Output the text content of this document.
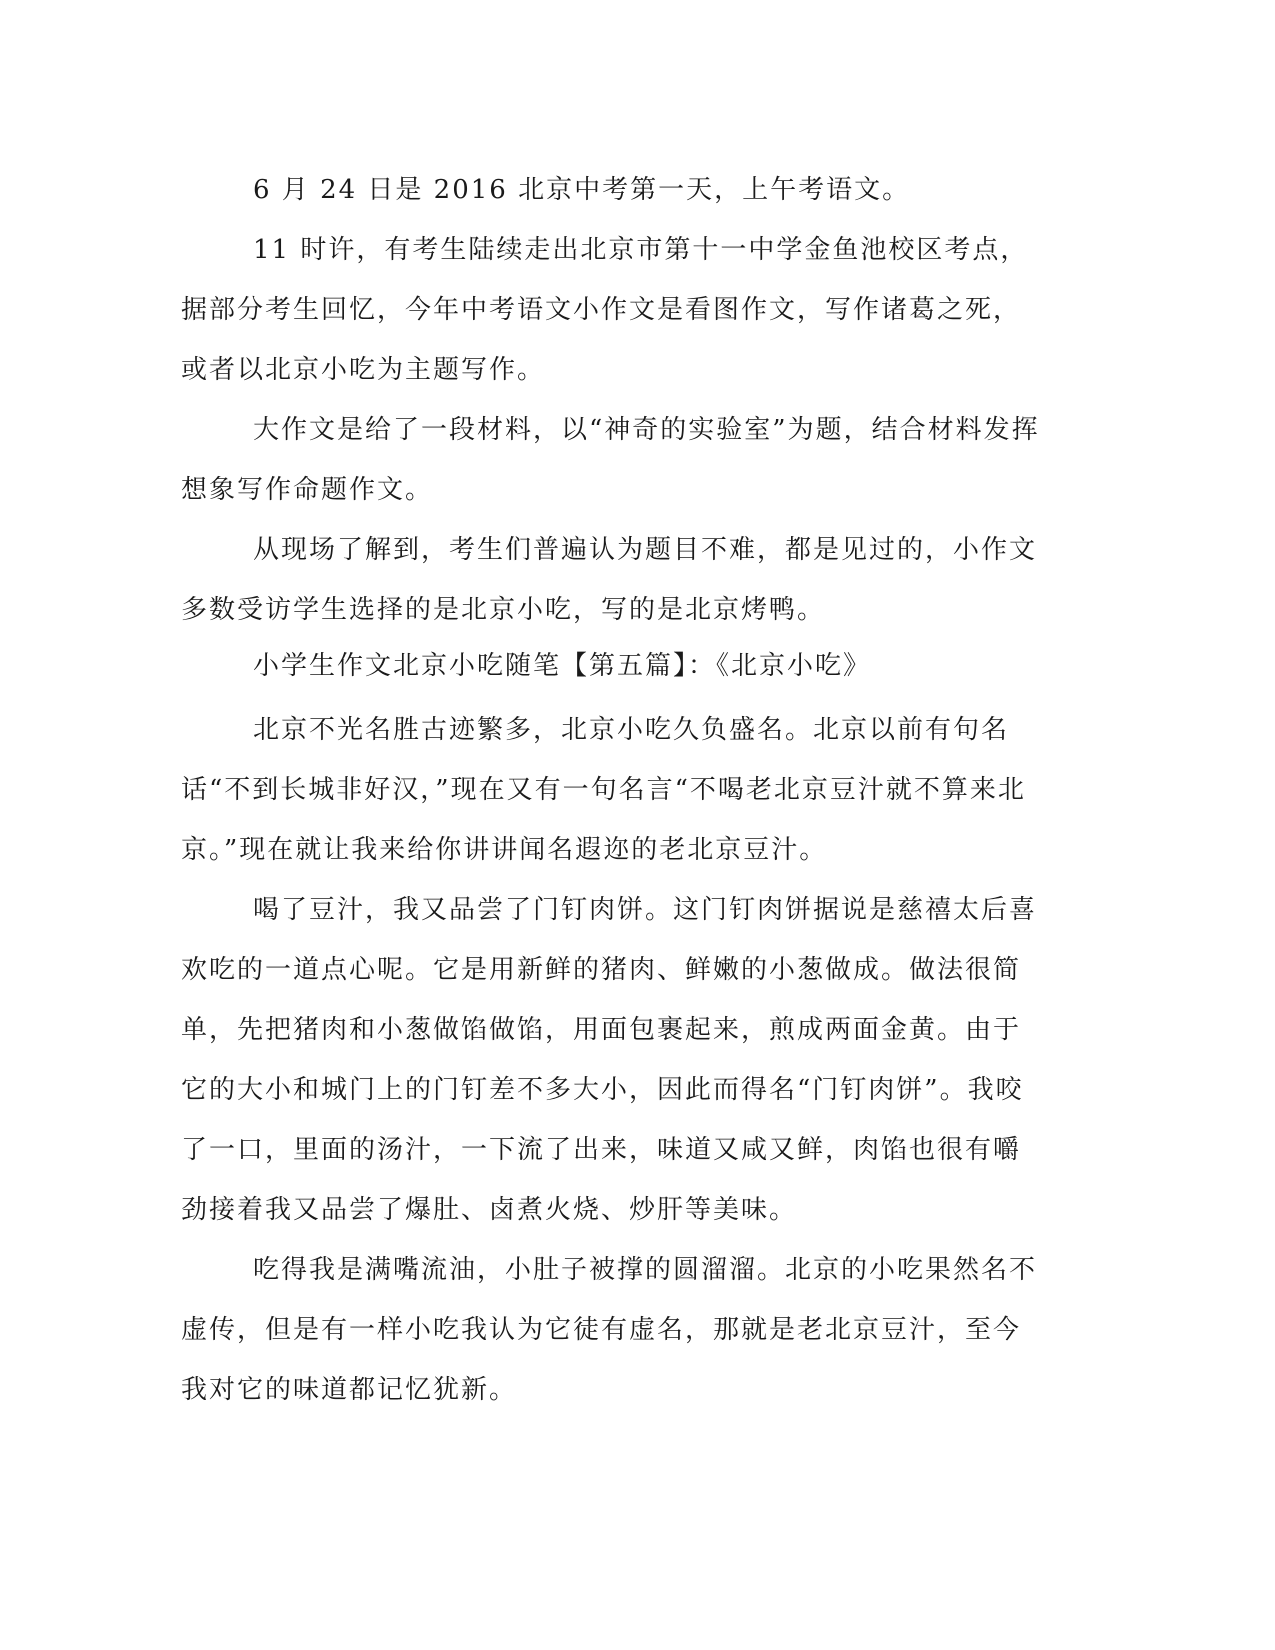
6 月 24 日是 2016 北京中考第一天，上午考语文。

11 时许，有考生陆续走出北京市第十一中学金鱼池校区考点，据部分考生回忆，今年中考语文小作文是看图作文，写作诸葛之死，或者以北京小吃为主题写作。

大作文是给了一段材料，以“神奇的实验室”为题，结合材料发挥想象写作命题作文。

从现场了解到，考生们普遍认为题目不难，都是见过的，小作文多数受访学生选择的是北京小吃，写的是北京烤鸭。

小学生作文北京小吃随笔【第五篇】：《北京小吃》

北京不光名胜古迹繁多，北京小吃久负盛名。北京以前有句名话“不到长城非好汉，”现在又有一句名言“不喝老北京豆汁就不算来北京。”现在就让我来给你讲讲闻名遐迩的老北京豆汁。

喝了豆汁，我又品尝了门钉肉饼。这门钉肉饼据说是慈禧太后喜欢吃的一道点心呢。它是用新鲜的猪肉、鲜嫩的小葱做成。做法很简单，先把猪肉和小葱做馅做馅，用面包裹起来，煎成两面金黄。由于它的大小和城门上的门钉差不多大小，因此而得名“门钉肉饼”。我咬了一口，里面的汤汁，一下流了出来，味道又咸又鲜，肉馅也很有嚼劲接着我又品尝了爆肚、卤煮火烧、炒肝等美味。

吃得我是满嘴流油，小肚子被撑的圆溜溜。北京的小吃果然名不虚传，但是有一样小吃我认为它徒有虚名，那就是老北京豆汁，至今我对它的味道都记忆犹新。
